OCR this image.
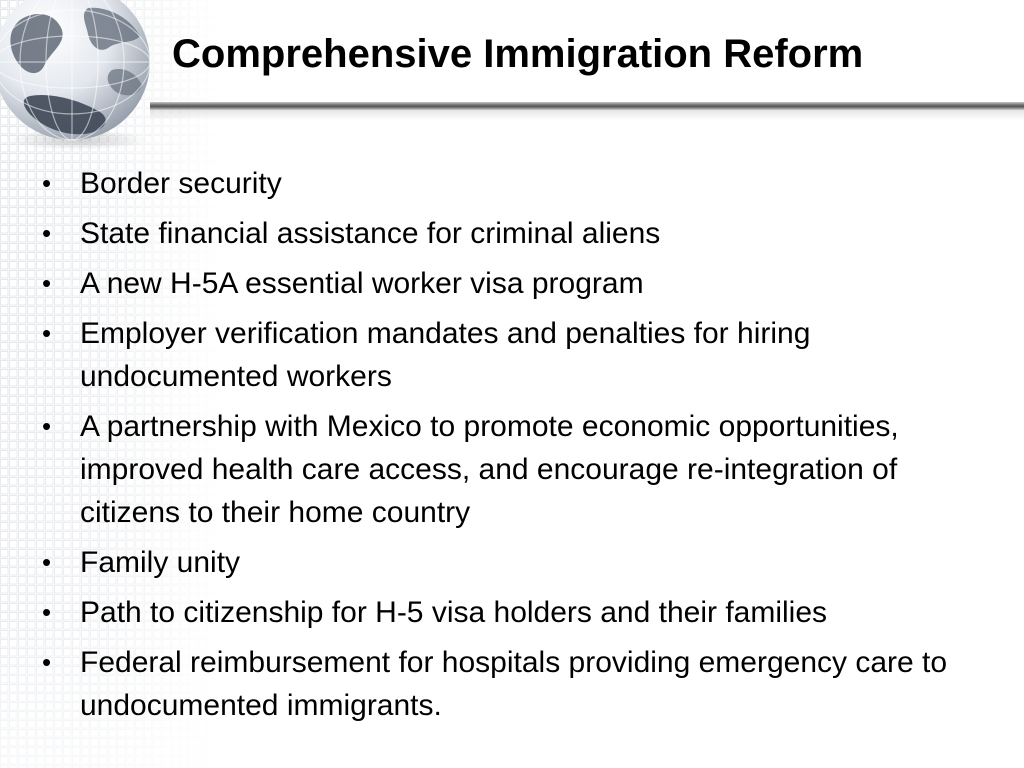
Comprehensive Immigration Reform
• Border security
• State financial assistance for criminal aliens
• A new H-5A essential worker visa program
• Employer verification mandates and penalties for hiring undocumented workers
• A partnership with Mexico to promote economic opportunities, improved health care access, and encourage re-integration of citizens to their home country
• Family unity
• Path to citizenship for H-5 visa holders and their families
• Federal reimbursement for hospitals providing emergency care to undocumented immigrants.
